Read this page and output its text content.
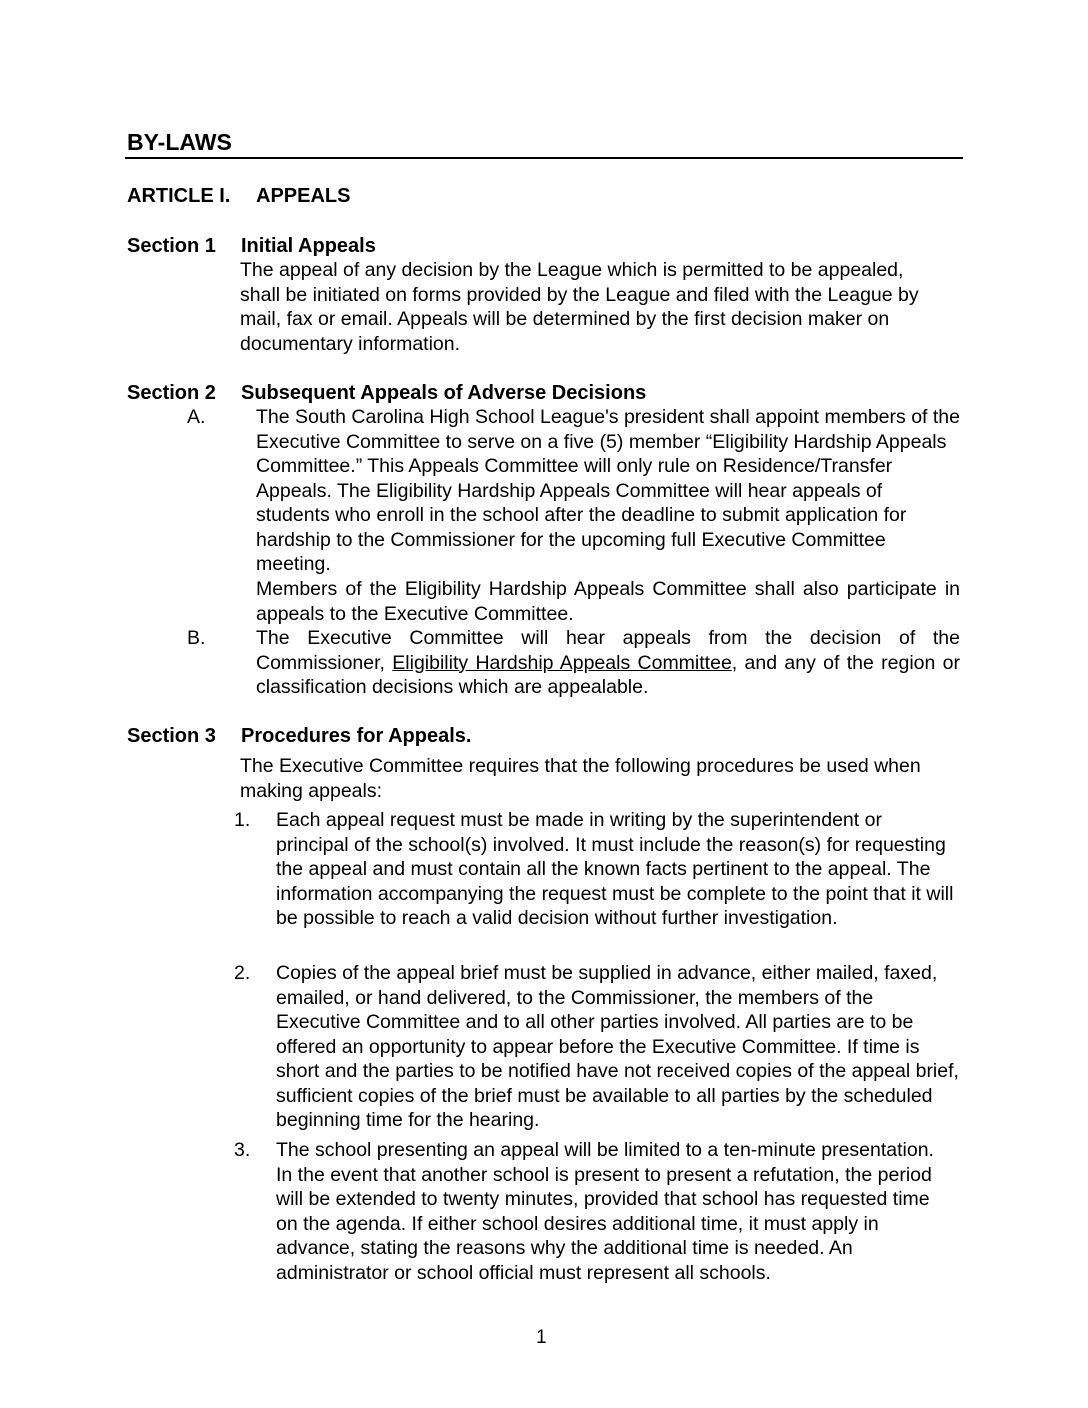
BY-LAWS
ARTICLE I. APPEALS
Section 1 Initial Appeals

The appeal of any decision by the League which is permitted to be appealed, shall be initiated on forms provided by the League and filed with the League by mail, fax or email. Appeals will be determined by the first decision maker on documentary information.

Section 2 Subsequent Appeals of Adverse Decisions
A.	The South Carolina High School League's president shall appoint members of the Executive Committee to serve on a five (5) member “Eligibility Hardship Appeals Committee.” This Appeals Committee will only rule on Residence/Transfer Appeals. The Eligibility Hardship Appeals Committee will hear appeals of students who enroll in the school after the deadline to submit application for hardship to the Commissioner for the upcoming full Executive Committee meeting.

Members of the Eligibility Hardship Appeals Committee shall also participate in appeals to the Executive Committee.

B.	The Executive Committee will hear appeals from the decision of the Commissioner, Eligibility Hardship Appeals Committee, and any of the region or classification decisions which are appealable.

Section 3 Procedures for Appeals.

The Executive Committee requires that the following procedures be used when making appeals:

1. Each appeal request must be made in writing by the superintendent or principal of the school(s) involved. It must include the reason(s) for requesting the appeal and must contain all the known facts pertinent to the appeal. The information accompanying the request must be complete to the point that it will be possible to reach a valid decision without further investigation.

2. Copies of the appeal brief must be supplied in advance, either mailed, faxed, emailed, or hand delivered, to the Commissioner, the members of the Executive Committee and to all other parties involved. All parties are to be offered an opportunity to appear before the Executive Committee. If time is short and the parties to be notified have not received copies of the appeal brief, sufficient copies of the brief must be available to all parties by the scheduled beginning time for the hearing.

3. The school presenting an appeal will be limited to a ten-minute presentation. In the event that another school is present to present a refutation, the period will be extended to twenty minutes, provided that school has requested time on the agenda. If either school desires additional time, it must apply in advance, stating the reasons why the additional time is needed. An administrator or school official must represent all schools.

1
